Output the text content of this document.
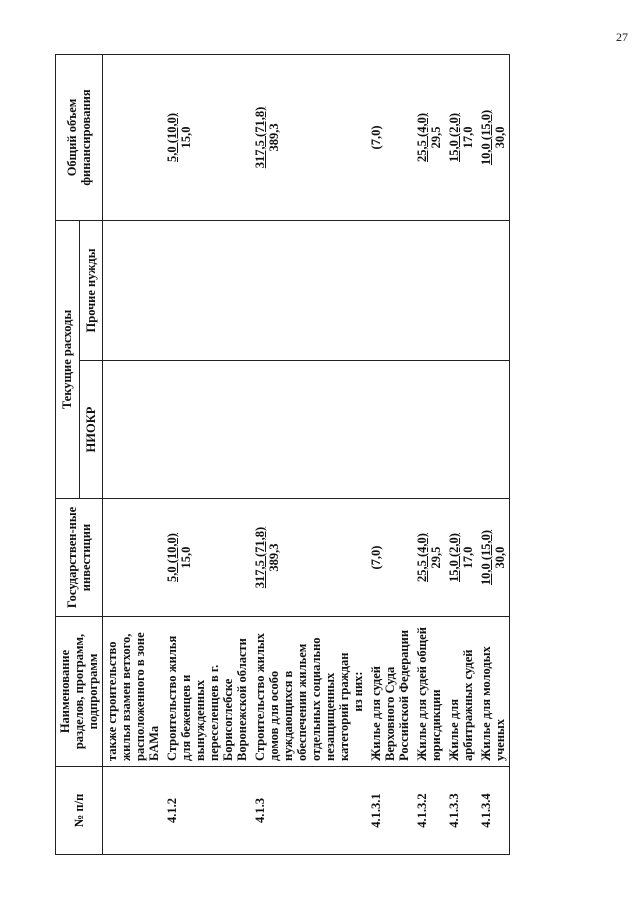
27
№ п/п	Наименование разделов, программ, подпрограмм	Государствен-ные инвестиции	Текущие расходы		Общий объем финансирования
			НИОКР	Прочие нужды	
	также строительство жилья взамен ветхого, расположенного в зоне БАМа				
4.1.2	Строительство жилья для беженцев и вынужденных переселенцев в г. Борисоглебске Воронежской области	5,0 (10,0) 15,0			5,0 (10,0) 15,0

4.1.3	Строительство жилых домов для особо нуждающихся в обеспечении жильем отдельных социально незащищенных категорий граждан из них:	317,5 (71,8) 389,3			317,5 (71,8) 389,3

4.1.3.1	Жилье для судей Верховного Суда Российской Федерации	(7,0)			(7,0)

4.1.3.2	Жилье для судей общей юрисдикции	25,5 (4,0) 29,5			25,5 (4,0) 29,5

4.1.3.3	Жилье для арбитражных судей	15,0 (2,0) 17,0			15,0 (2,0) 17,0

4.1.3.4	Жилье для молодых ученых	10,0 (15,0) 30,0			10,0 (15,0) 30,0
